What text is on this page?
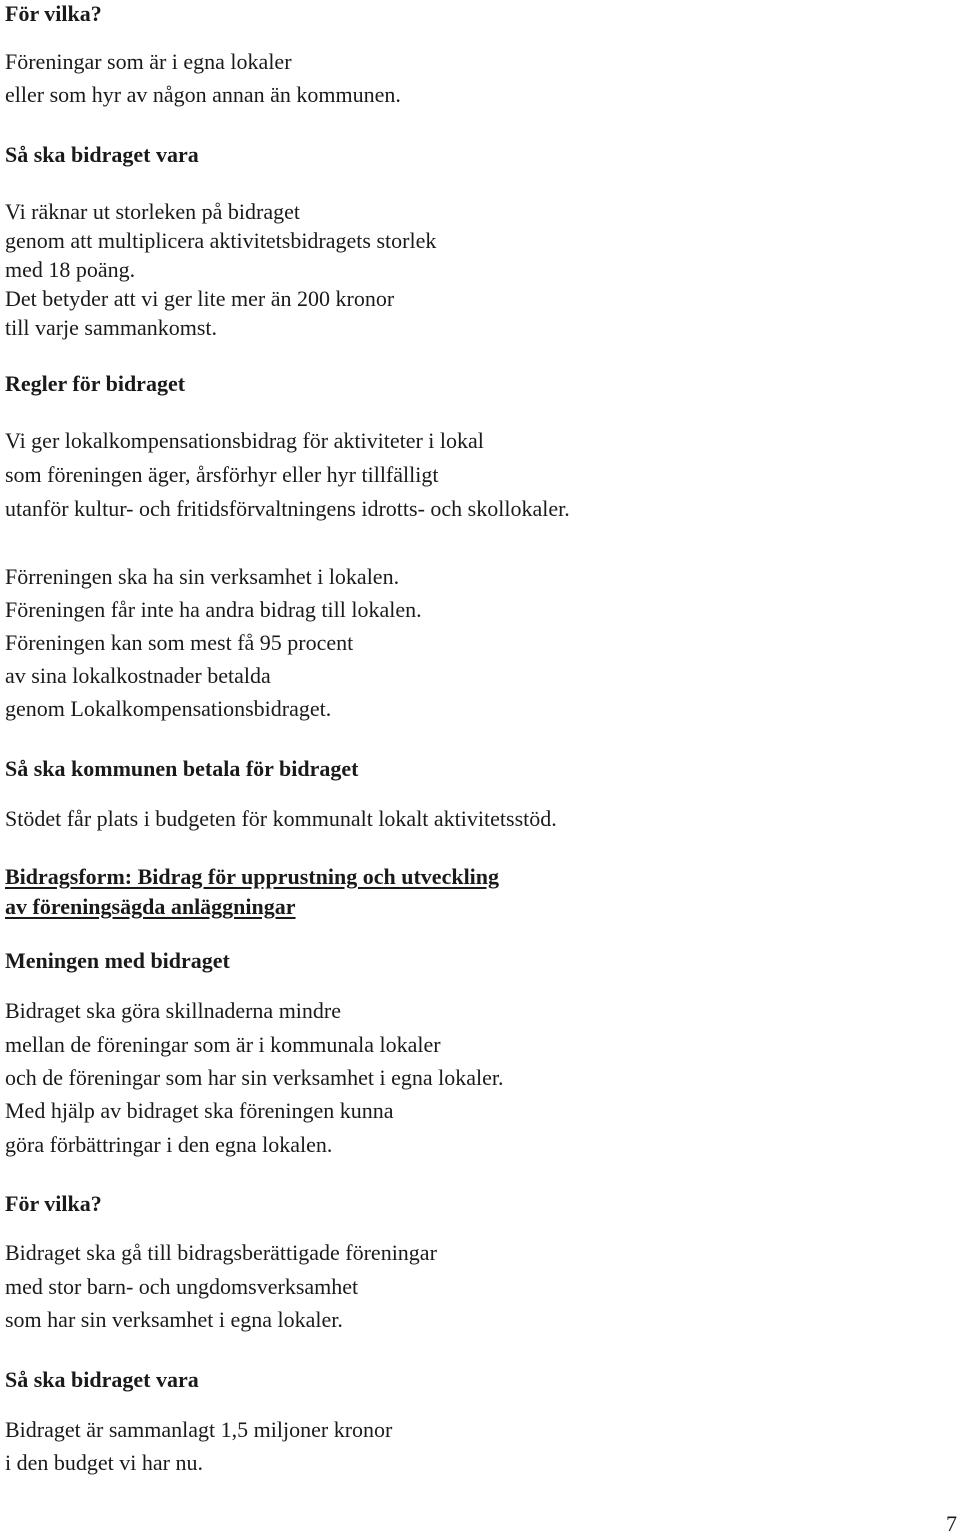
För vilka?
Föreningar som är i egna lokaler
eller som hyr av någon annan än kommunen.
Så ska bidraget vara
Vi räknar ut storleken på bidraget
genom att multiplicera aktivitetsbidragets storlek
med 18 poäng.
Det betyder att vi ger lite mer än 200 kronor
till varje sammankomst.
Regler för bidraget
Vi ger lokalkompensationsbidrag för aktiviteter i lokal
som föreningen äger, årsförhyr eller hyr tillfälligt
utanför kultur- och fritidsförvaltningens idrotts- och skollokaler.
Förreningen ska ha sin verksamhet i lokalen.
Föreningen får inte ha andra bidrag till lokalen.
Föreningen kan som mest få 95 procent
av sina lokalkostnader betalda
genom Lokalkompensationsbidraget.
Så ska kommunen betala för bidraget
Stödet får plats i budgeten för kommunalt lokalt aktivitetsstöd.
Bidragsform: Bidrag för upprustning och utveckling
av föreningsägda anläggningar
Meningen med bidraget
Bidraget ska göra skillnaderna mindre
mellan de föreningar som är i kommunala lokaler
och de föreningar som har sin verksamhet i egna lokaler.
Med hjälp av bidraget ska föreningen kunna
göra förbättringar i den egna lokalen.
För vilka?
Bidraget ska gå till bidragsberättigade föreningar
med stor barn- och ungdomsverksamhet
som har sin verksamhet i egna lokaler.
Så ska bidraget vara
Bidraget är sammanlagt 1,5 miljoner kronor
i den budget vi har nu.
7
